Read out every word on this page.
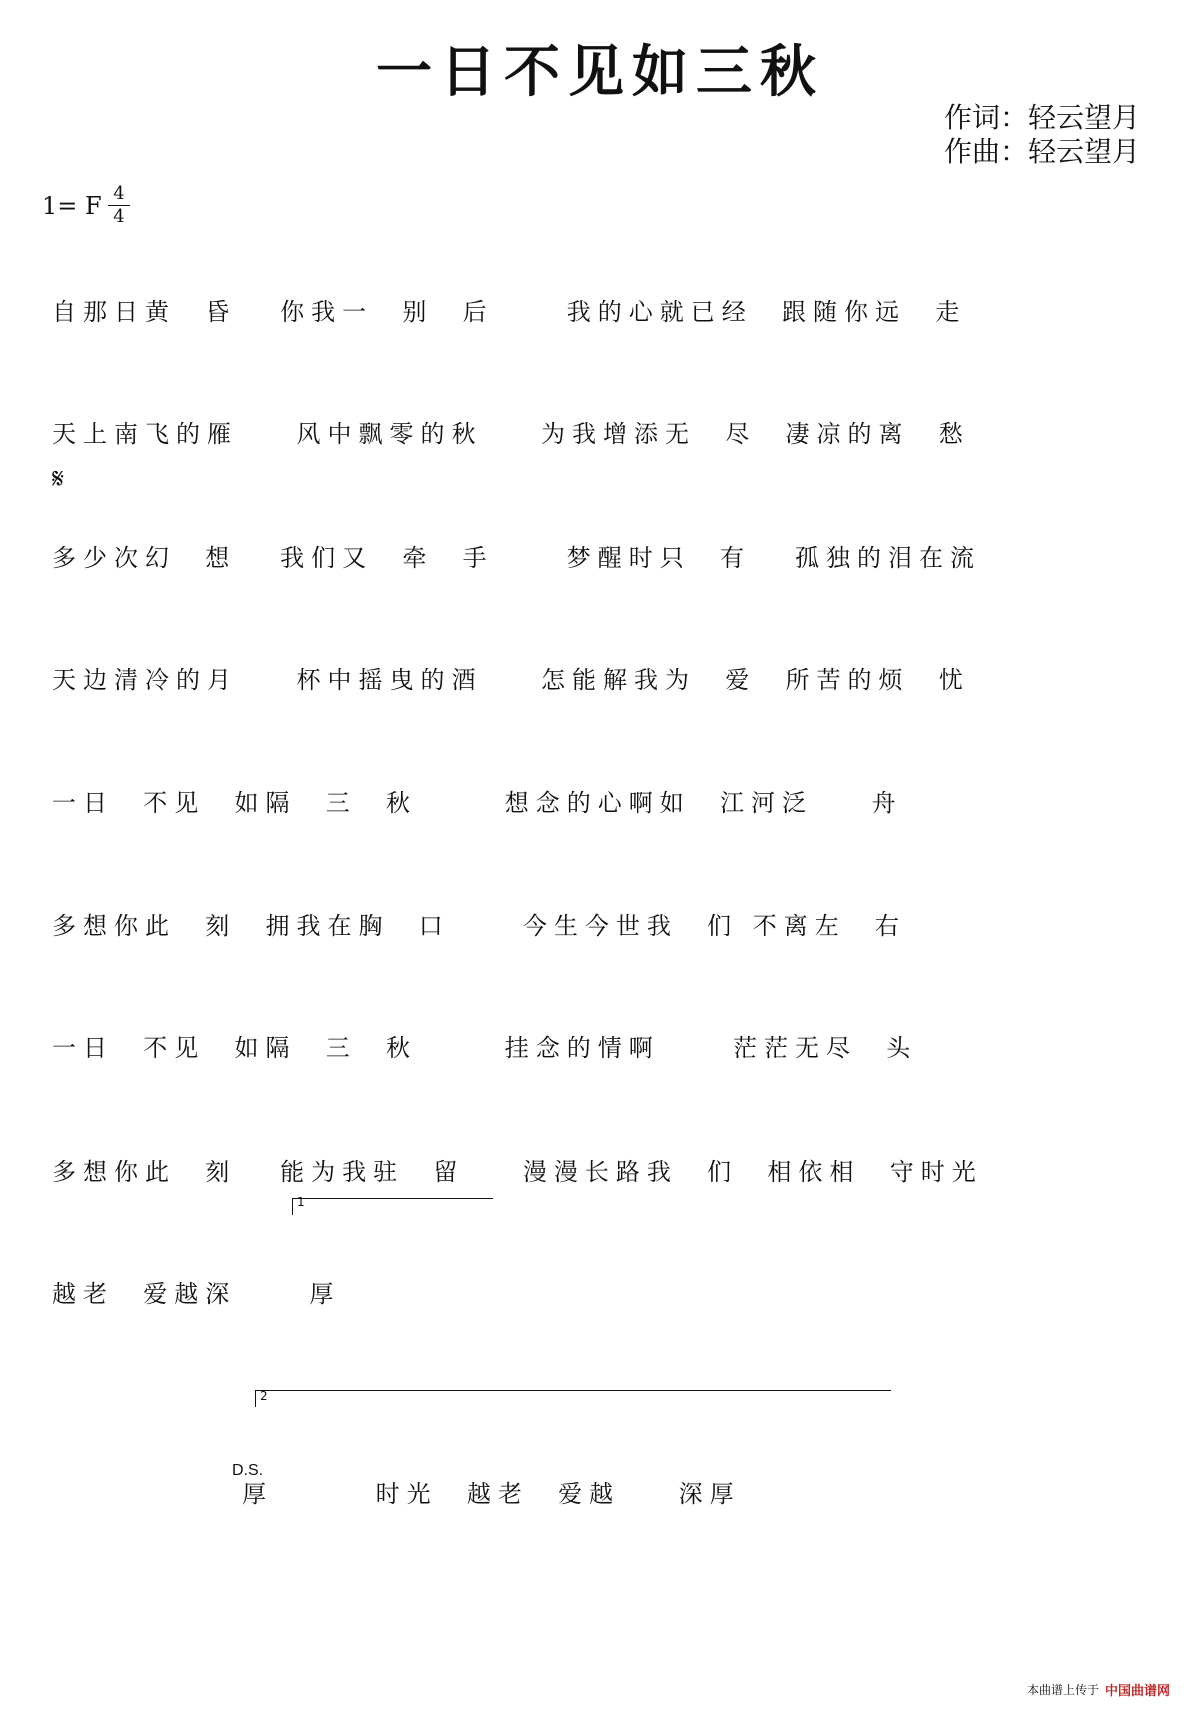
一日不见如三秋
作词：轻云望月
作曲：轻云望月
1= F 4
4
自那日黄  昏   你我一  别  后     我的心就已经  跟随你远  走
天上南飞的雁    风中飘零的秋    为我增添无  尽  凄凉的离  愁
𝄋
多少次幻  想   我们又  牵  手     梦醒时只  有   孤独的泪在流
天边清冷的月    杯中摇曳的酒    怎能解我为  爱  所苦的烦  忧
一日  不见  如隔  三  秋      想念的心啊如  江河泛    舟
多想你此  刻  拥我在胸  口     今生今世我  们 不离左  右
一日  不见  如隔  三  秋      挂念的情啊     茫茫无尽  头
多想你此  刻   能为我驻  留    漫漫长路我  们  相依相  守时光
1
越老  爱越深     厚
2
D.S.
厚       时光  越老  爱越    深厚
本曲谱上传于 中国曲谱网
